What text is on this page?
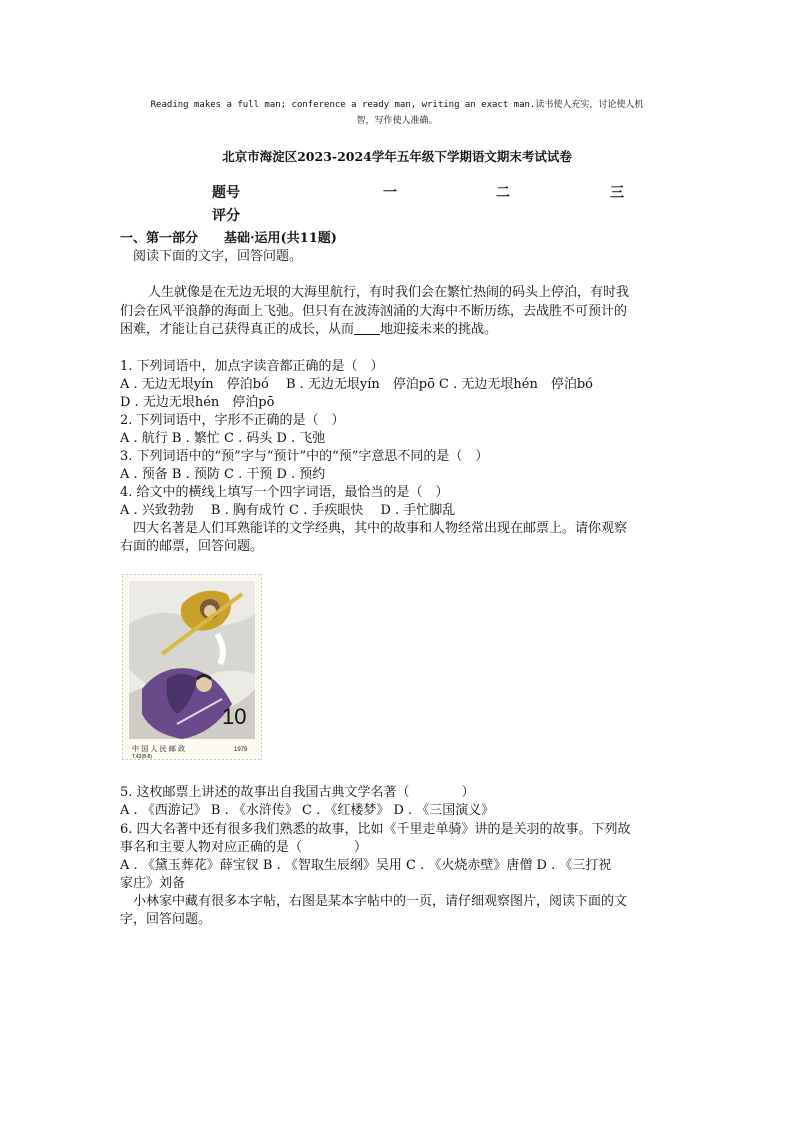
Reading makes a full man; conference a ready man, writing an exact man.读书使人充实，讨论使人机
智，写作使人准确。
北京市海淀区2023-2024学年五年级下学期语文期末考试试卷
题号	一	二	三
评分
一、第一部分　　基础·运用(共11题)
阅读下面的文字，回答问题。
人生就像是在无边无垠的大海里航行，有时我们会在繁忙热闹的码头上停泊，有时我
们会在风平浪静的海面上飞弛。但只有在波涛汹涌的大海中不断历练，去战胜不可预计的
困难，才能让自己获得真正的成长，从而   地迎接未来的挑战。
1. 下列词语中，加点字读音都正确的是（　）
A . 无边无垠yín　停泊bó　 B . 无边无垠yín　停泊pō C . 无边无垠hén　停泊bó
D . 无边无垠hén　停泊pō
2. 下列词语中，字形不正确的是（　）
A . 航行 B . 繁忙 C . 码头 D . 飞弛
3. 下列词语中的“预”字与“预计”中的“预”字意思不同的是（　）
A . 预备 B . 预防 C . 干预 D . 预约
4. 给文中的横线上填写一个四字词语，最恰当的是（　）
A . 兴致勃勃　 B . 胸有成竹 C . 手疾眼快　 D . 手忙脚乱
四大名著是人们耳熟能详的文学经典，其中的故事和人物经常出现在邮票上。请你观察
右面的邮票，回答问题。
10
中 国 人 民 邮 政
T.43(8-8)
1979
5. 这枚邮票上讲述的故事出自我国古典文学名著（　　　　）
A . 《西游记》 B . 《水浒传》 C . 《红楼梦》 D . 《三国演义》
6. 四大名著中还有很多我们熟悉的故事，比如《千里走单骑》讲的是关羽的故事。下列故
事名和主要人物对应正确的是（　　　　）
A . 《黛玉葬花》薛宝钗 B . 《智取生辰纲》吴用 C . 《火烧赤壁》唐僧 D . 《三打祝
家庄》刘备
小林家中藏有很多本字帖，右图是某本字帖中的一页，请仔细观察图片，阅读下面的文
字，回答问题。
